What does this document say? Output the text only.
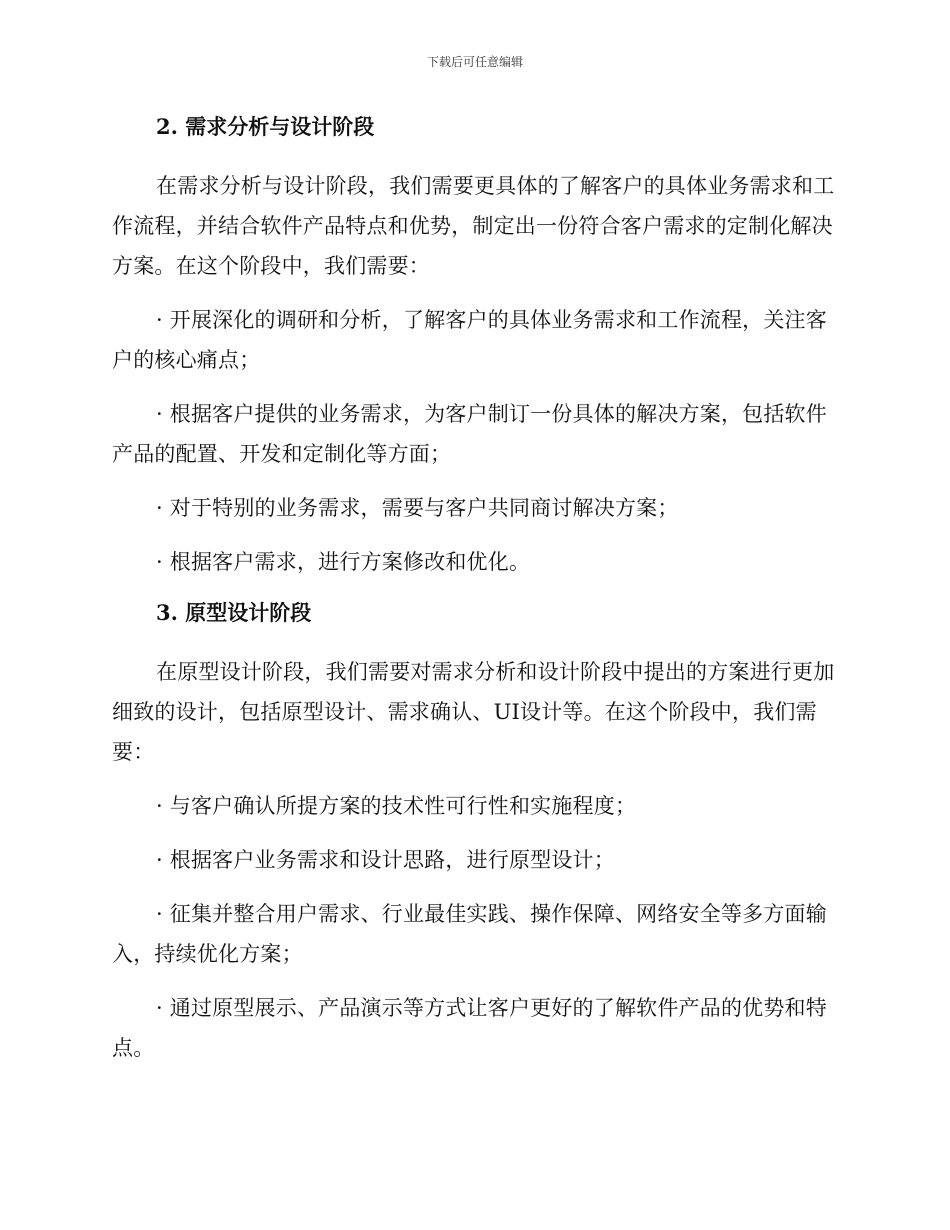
下载后可任意编辑
2. 需求分析与设计阶段

在需求分析与设计阶段，我们需要更具体的了解客户的具体业务需求和工作流程，并结合软件产品特点和优势，制定出一份符合客户需求的定制化解决方案。在这个阶段中，我们需要：

· 开展深化的调研和分析，了解客户的具体业务需求和工作流程，关注客户的核心痛点；

· 根据客户提供的业务需求，为客户制订一份具体的解决方案，包括软件产品的配置、开发和定制化等方面；

· 对于特别的业务需求，需要与客户共同商讨解决方案；

· 根据客户需求，进行方案修改和优化。

3. 原型设计阶段

在原型设计阶段，我们需要对需求分析和设计阶段中提出的方案进行更加细致的设计，包括原型设计、需求确认、UI设计等。在这个阶段中，我们需要：

· 与客户确认所提方案的技术性可行性和实施程度；

· 根据客户业务需求和设计思路，进行原型设计；

· 征集并整合用户需求、行业最佳实践、操作保障、网络安全等多方面输入，持续优化方案；

· 通过原型展示、产品演示等方式让客户更好的了解软件产品的优势和特点。
